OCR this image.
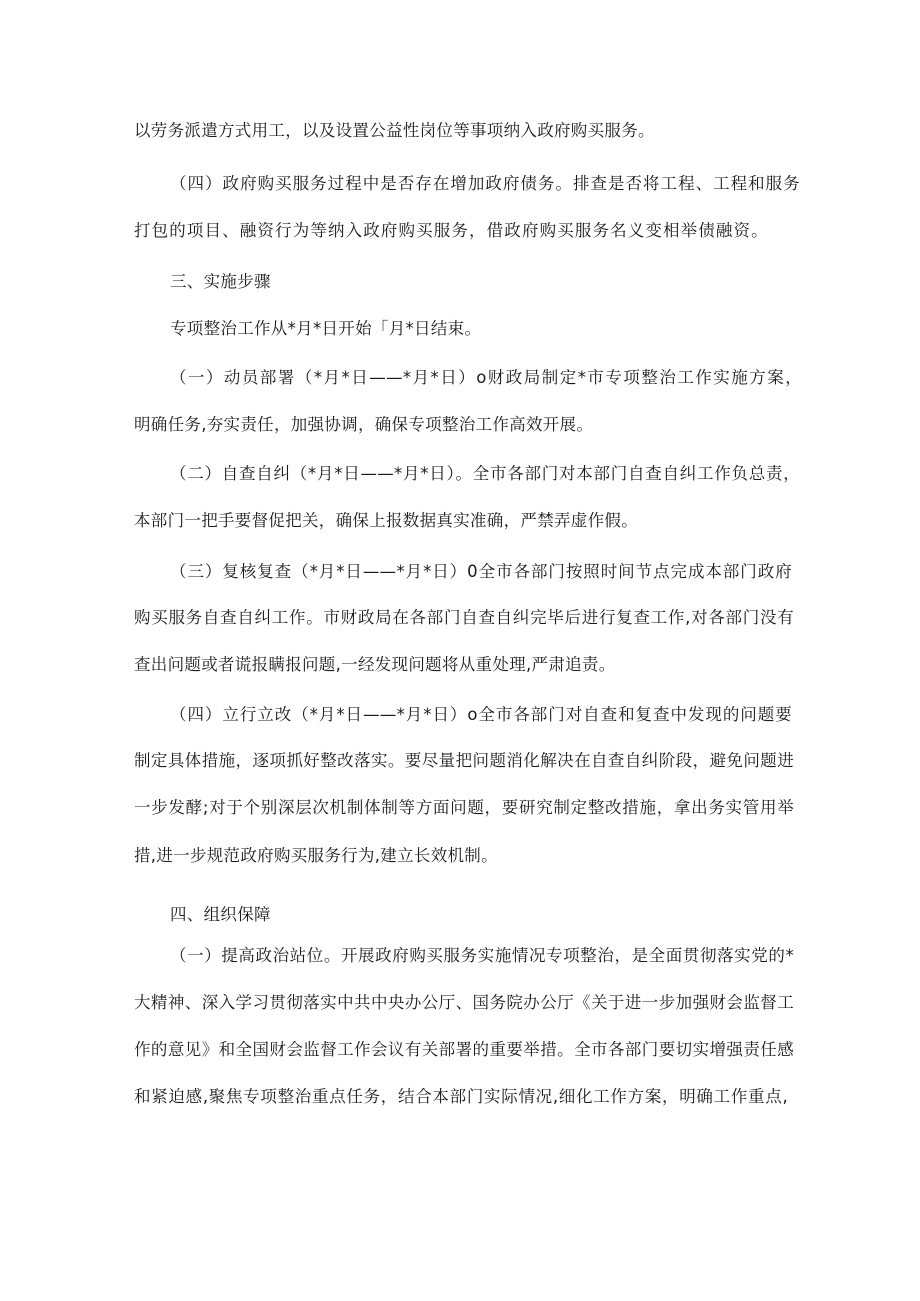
以劳务派遣方式用工，以及设置公益性岗位等事项纳入政府购买服务。
（四）政府购买服务过程中是否存在增加政府债务。排查是否将工程、工程和服务
打包的项目、融资行为等纳入政府购买服务，借政府购买服务名义变相举债融资。
三、实施步骤
专项整治工作从*月*日开始「月*日结束。
（一）动员部署（*月*日——*月*日）o财政局制定*市专项整治工作实施方案，
明确任务,夯实责任，加强协调，确保专项整治工作高效开展。
（二）自查自纠（*月*日——*月*日）。全市各部门对本部门自查自纠工作负总责，
本部门一把手要督促把关，确保上报数据真实准确，严禁弄虚作假。
（三）复核复查（*月*日——*月*日）0全市各部门按照时间节点完成本部门政府
购买服务自查自纠工作。市财政局在各部门自查自纠完毕后进行复查工作,对各部门没有
查出问题或者谎报瞒报问题,一经发现问题将从重处理,严肃追责。
（四）立行立改（*月*日——*月*日）o全市各部门对自查和复查中发现的问题要
制定具体措施，逐项抓好整改落实。要尽量把问题消化解决在自查自纠阶段，避免问题进
一步发酵;对于个别深层次机制体制等方面问题，要研究制定整改措施，拿出务实管用举
措,进一步规范政府购买服务行为,建立长效机制。
四、组织保障
（一）提高政治站位。开展政府购买服务实施情况专项整治，是全面贯彻落实党的*
大精神、深入学习贯彻落实中共中央办公厅、国务院办公厅《关于进一步加强财会监督工
作的意见》和全国财会监督工作会议有关部署的重要举措。全市各部门要切实增强责任感
和紧迫感,聚焦专项整治重点任务，结合本部门实际情况,细化工作方案，明确工作重点,
